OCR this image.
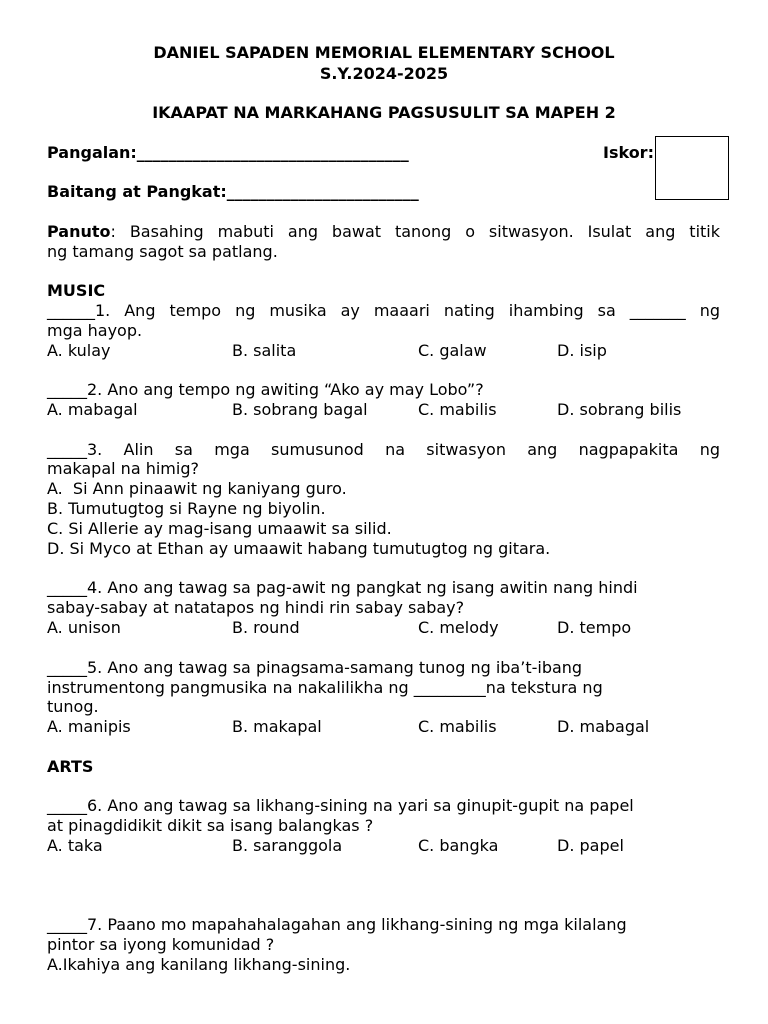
DANIEL SAPADEN MEMORIAL ELEMENTARY SCHOOL
S.Y.2024-2025
IKAAPAT NA MARKAHANG PAGSUSULIT SA MAPEH 2
Pangalan:__________________________________	Iskor:
Baitang at Pangkat:________________________
Panuto: Basahing mabuti ang bawat tanong o sitwasyon. Isulat ang titik
ng tamang sagot sa patlang.
MUSIC
______1. Ang tempo ng musika ay maaari nating ihambing sa _______ ng
mga hayop.
A. kulay	B. salita	C. galaw	D. isip
_____2. Ano ang tempo ng awiting “Ako ay may Lobo”?
A. mabagal	B. sobrang bagal	C. mabilis	D. sobrang bilis
_____3. Alin sa mga sumusunod na sitwasyon ang nagpapakita ng
makapal na himig?
A.  Si Ann pinaawit ng kaniyang guro.
B. Tumutugtog si Rayne ng biyolin.
C. Si Allerie ay mag-isang umaawit sa silid.
D. Si Myco at Ethan ay umaawit habang tumutugtog ng gitara.
_____4. Ano ang tawag sa pag-awit ng pangkat ng isang awitin nang hindi
sabay-sabay at natatapos ng hindi rin sabay sabay?
A. unison	B. round	C. melody	D. tempo
_____5. Ano ang tawag sa pinagsama-samang tunog ng iba’t-ibang
instrumentong pangmusika na nakalilikha ng _________na tekstura ng
tunog.
A. manipis	B. makapal	C. mabilis	D. mabagal
ARTS
_____6. Ano ang tawag sa likhang-sining na yari sa ginupit-gupit na papel
at pinagdidikit dikit sa isang balangkas ?
A. taka	B. saranggola	C. bangka	D. papel
_____7. Paano mo mapahahalagahan ang likhang-sining ng mga kilalang
pintor sa iyong komunidad ?
A.Ikahiya ang kanilang likhang-sining.
